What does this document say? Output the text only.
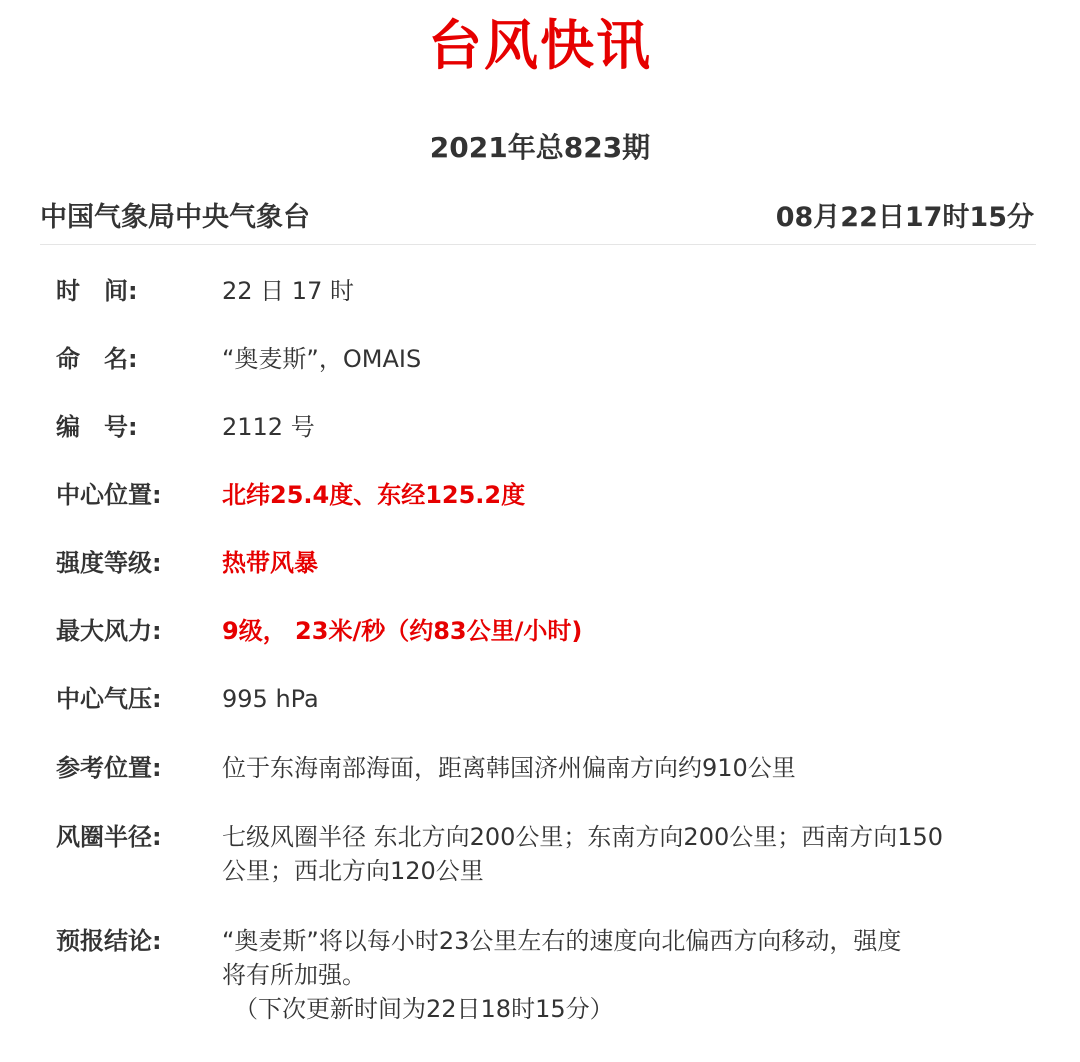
台风快讯
2021年总823期
中国气象局中央气象台	08月22日17时15分
时　间:	22 日 17 时
命　名:	“奥麦斯”，OMAIS
编　号:	2112 号
中心位置:	北纬25.4度、东经125.2度
强度等级:	热带风暴
最大风力:	9级， 23米/秒（约83公里/小时)
中心气压:	995 hPa
参考位置:	位于东海南部海面，距离韩国济州偏南方向约910公里
风圈半径:	七级风圈半径 东北方向200公里；东南方向200公里；西南方向150
公里；西北方向120公里
预报结论:	“奥麦斯”将以每小时23公里左右的速度向北偏西方向移动，强度
将有所加强。
（下次更新时间为22日18时15分）
